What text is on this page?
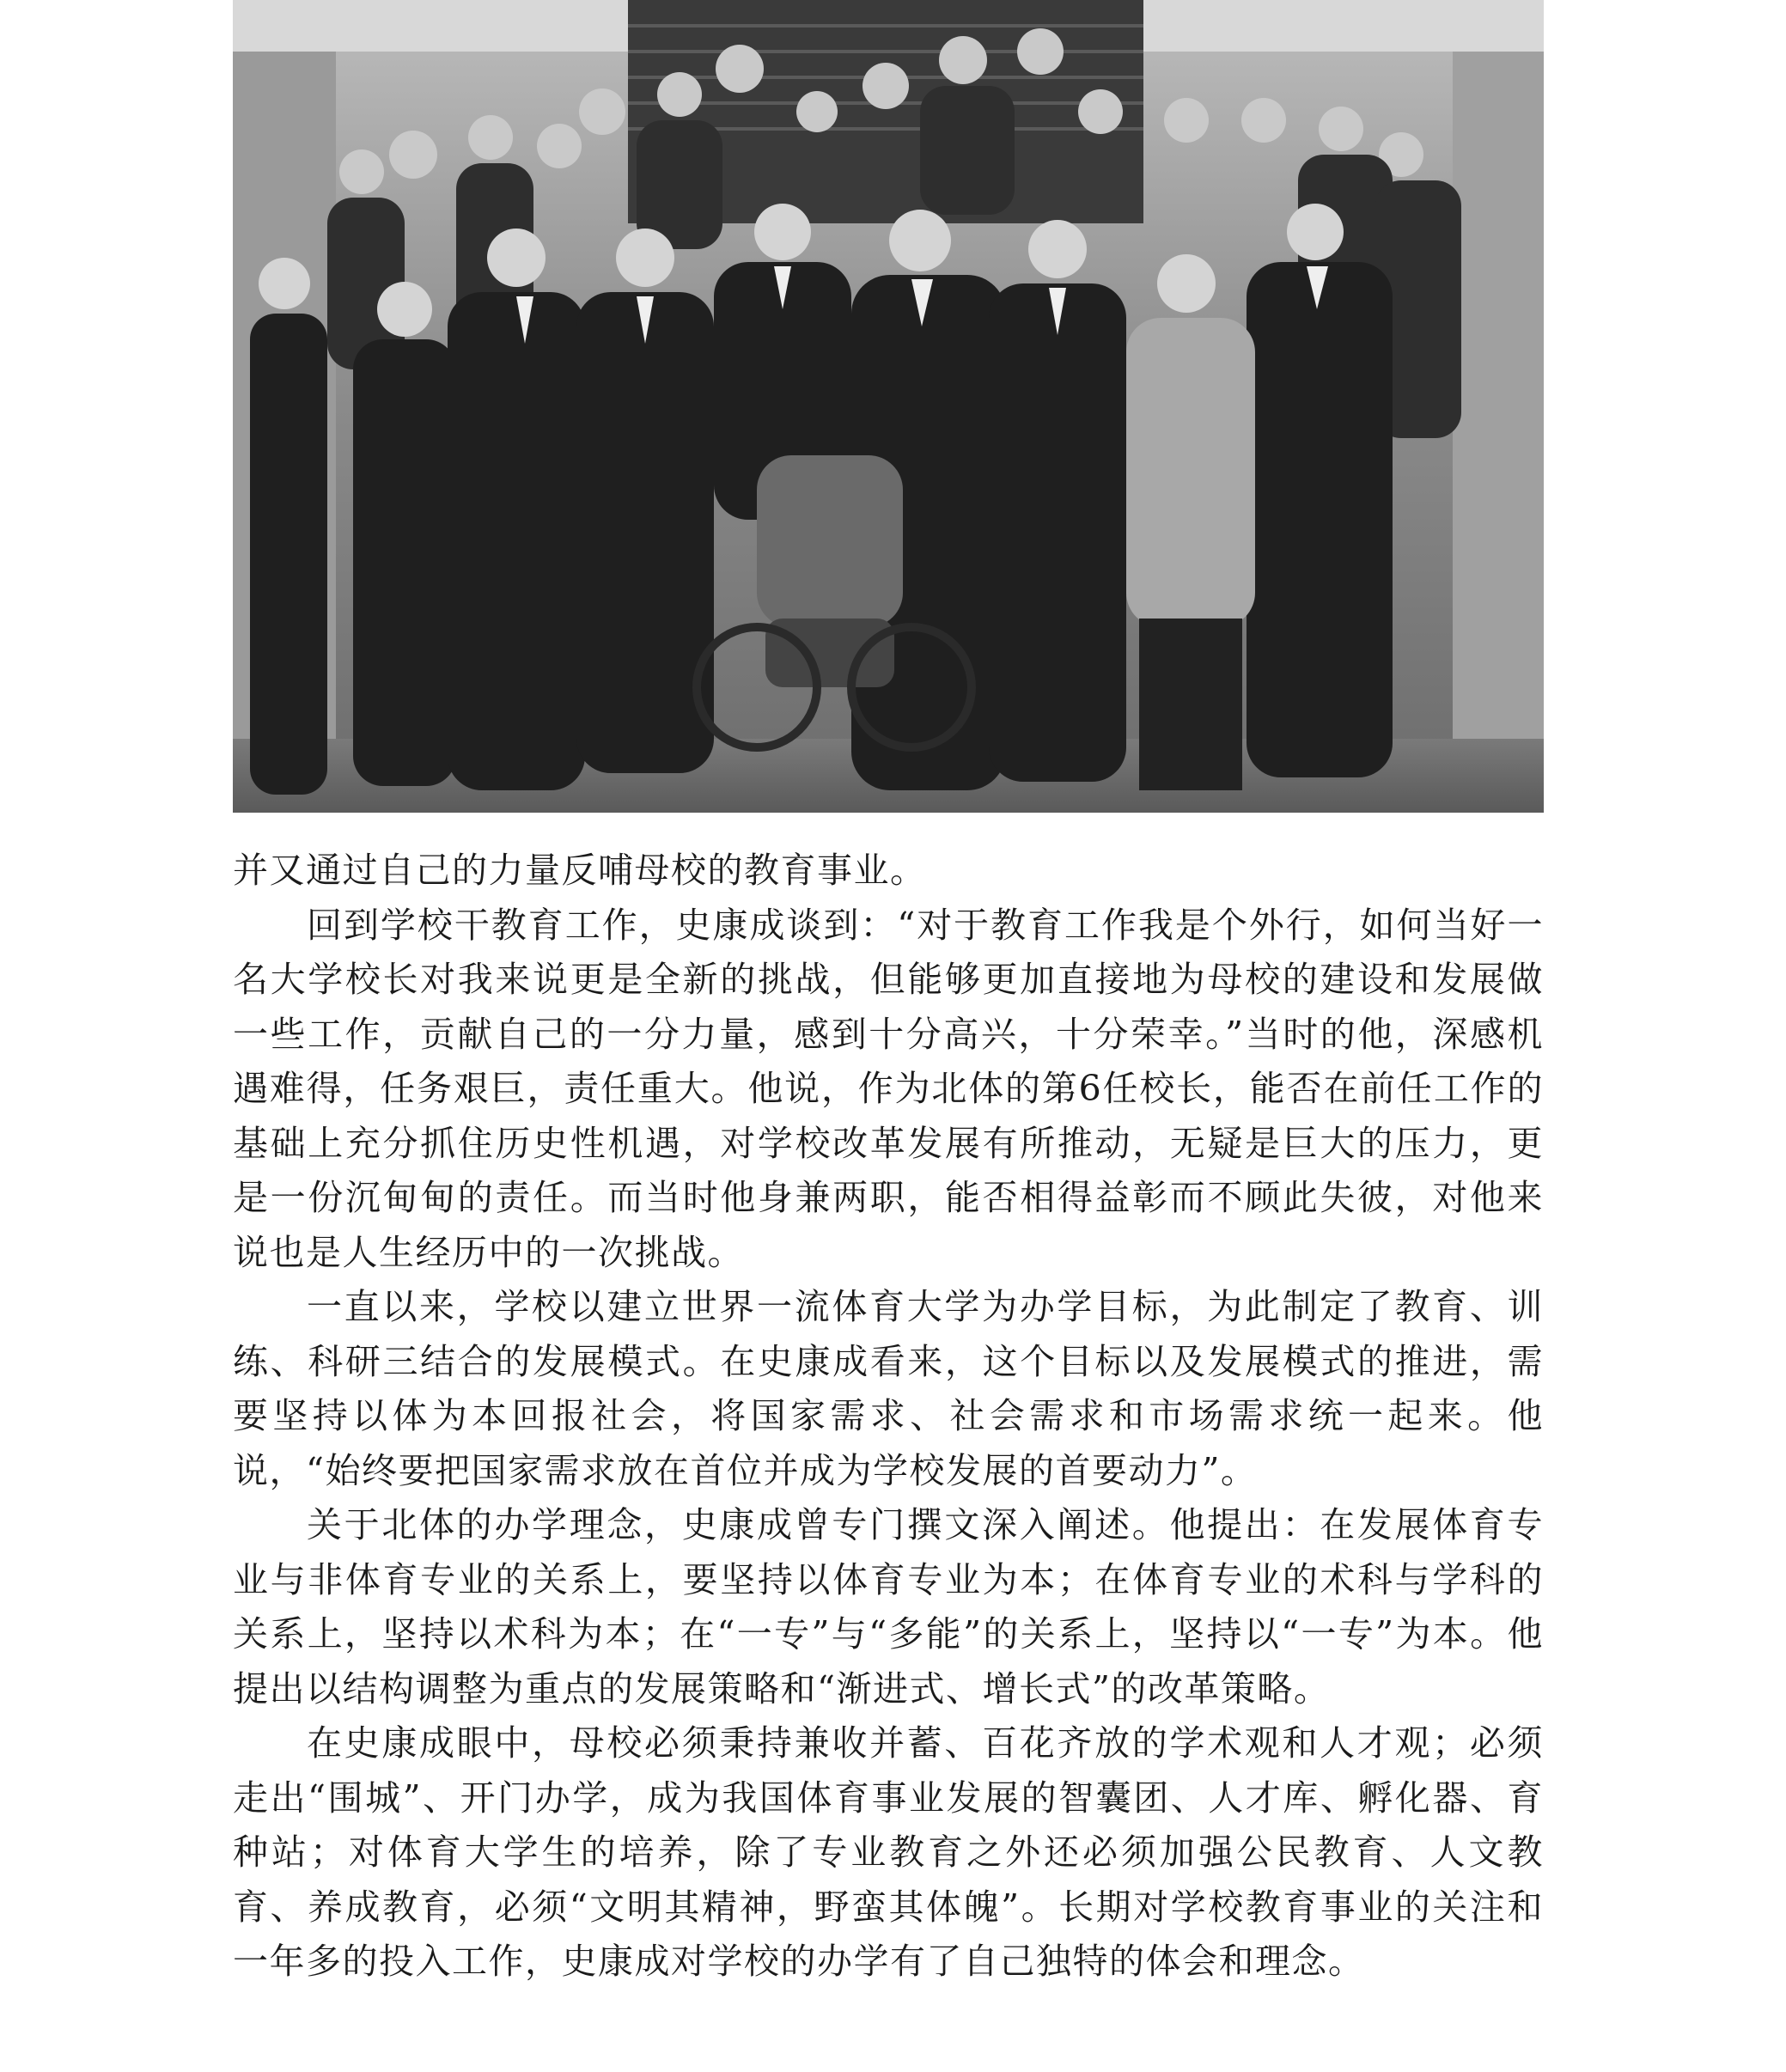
并又通过自己的力量反哺母校的教育事业。

回到学校干教育工作，史康成谈到：“对于教育工作我是个外行，如何当好一名大学校长对我来说更是全新的挑战，但能够更加直接地为母校的建设和发展做一些工作，贡献自己的一分力量，感到十分高兴，十分荣幸。”当时的他，深感机遇难得，任务艰巨，责任重大。他说，作为北体的第6任校长，能否在前任工作的基础上充分抓住历史性机遇，对学校改革发展有所推动，无疑是巨大的压力，更是一份沉甸甸的责任。而当时他身兼两职，能否相得益彰而不顾此失彼，对他来说也是人生经历中的一次挑战。

一直以来，学校以建立世界一流体育大学为办学目标，为此制定了教育、训练、科研三结合的发展模式。在史康成看来，这个目标以及发展模式的推进，需要坚持以体为本回报社会，将国家需求、社会需求和市场需求统一起来。他说，“始终要把国家需求放在首位并成为学校发展的首要动力”。

关于北体的办学理念，史康成曾专门撰文深入阐述。他提出：在发展体育专业与非体育专业的关系上，要坚持以体育专业为本；在体育专业的术科与学科的关系上，坚持以术科为本；在“一专”与“多能”的关系上，坚持以“一专”为本。他提出以结构调整为重点的发展策略和“渐进式、增长式”的改革策略。

在史康成眼中，母校必须秉持兼收并蓄、百花齐放的学术观和人才观；必须走出“围城”、开门办学，成为我国体育事业发展的智囊团、人才库、孵化器、育种站；对体育大学生的培养，除了专业教育之外还必须加强公民教育、人文教育、养成教育，必须“文明其精神，野蛮其体魄”。长期对学校教育事业的关注和一年多的投入工作，史康成对学校的办学有了自己独特的体会和理念。
